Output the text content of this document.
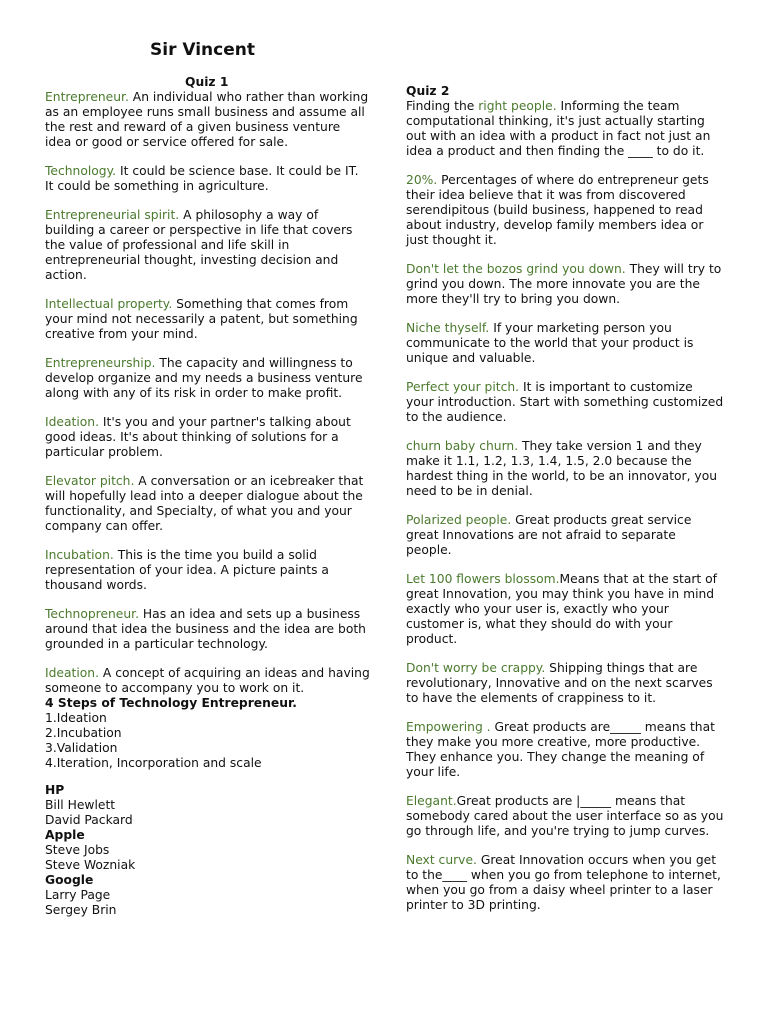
Sir Vincent

Quiz 1

Entrepreneur. An individual who rather than working as an employee runs small business and assume all the rest and reward of a given business venture idea or good or service offered for sale.

Technology. It could be science base. It could be IT. It could be something in agriculture.

Entrepreneurial spirit. A philosophy a way of building a career or perspective in life that covers the value of professional and life skill in entrepreneurial thought, investing decision and action.

Intellectual property. Something that comes from your mind not necessarily a patent, but something creative from your mind.

Entrepreneurship. The capacity and willingness to develop organize and my needs a business venture along with any of its risk in order to make profit.

Ideation. It's you and your partner's talking about good ideas. It's about thinking of solutions for a particular problem.

Elevator pitch. A conversation or an icebreaker that will hopefully lead into a deeper dialogue about the functionality, and Specialty, of what you and your company can offer.

Incubation. This is the time you build a solid representation of your idea. A picture paints a thousand words.

Technopreneur. Has an idea and sets up a business around that idea the business and the idea are both grounded in a particular technology.

Ideation. A concept of acquiring an ideas and having someone to accompany you to work on it.

4 Steps of Technology Entrepreneur.

1.Ideation

2.Incubation

3.Validation

4.Iteration, Incorporation and scale

HP

Bill Hewlett

David Packard

Apple

Steve Jobs

Steve Wozniak

Google

Larry Page

Sergey Brin

Quiz 2

Finding the right people. Informing the team computational thinking, it's just actually starting out with an idea with a product in fact not just an idea a product and then finding the ____ to do it.

20%. Percentages of where do entrepreneur gets their idea believe that it was from discovered serendipitous (build business, happened to read about industry, develop family members idea or just thought it.

Don't let the bozos grind you down. They will try to grind you down. The more innovate you are the more they'll try to bring you down.

Niche thyself. If your marketing person you communicate to the world that your product is unique and valuable.

Perfect your pitch. It is important to customize your introduction. Start with something customized to the audience.

churn baby churn. They take version 1 and they make it 1.1, 1.2, 1.3, 1.4, 1.5, 2.0 because the hardest thing in the world, to be an innovator, you need to be in denial.

Polarized people. Great products great service great Innovations are not afraid to separate people.

Let 100 flowers blossom.Means that at the start of great Innovation, you may think you have in mind exactly who your user is, exactly who your customer is, what they should do with your product.

Don't worry be crappy. Shipping things that are revolutionary, Innovative and on the next scarves to have the elements of crappiness to it.

Empowering . Great products are_____ means that they make you more creative, more productive. They enhance you. They change the meaning of your life.

Elegant.Great products are |_____ means that somebody cared about the user interface so as you go through life, and you're trying to jump curves.

Next curve. Great Innovation occurs when you get to the____ when you go from telephone to internet, when you go from a daisy wheel printer to a laser printer to 3D printing.
